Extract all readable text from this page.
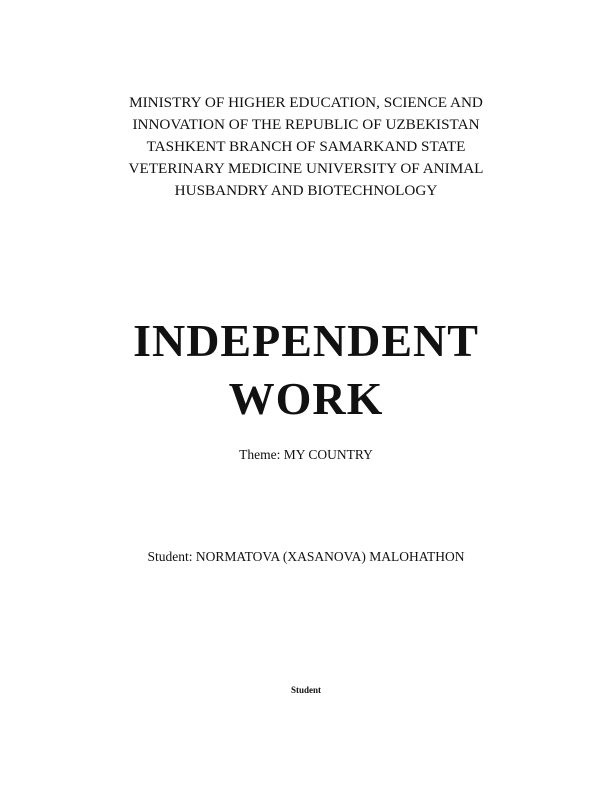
MINISTRY OF HIGHER EDUCATION, SCIENCE AND
INNOVATION OF THE REPUBLIC OF UZBEKISTAN
TASHKENT BRANCH OF SAMARKAND STATE
VETERINARY MEDICINE UNIVERSITY OF ANIMAL
HUSBANDRY AND BIOTECHNOLOGY
INDEPENDENT
WORK
Theme: MY COUNTRY
Student: NORMATOVA (XASANOVA) MALOHATHON
Student
